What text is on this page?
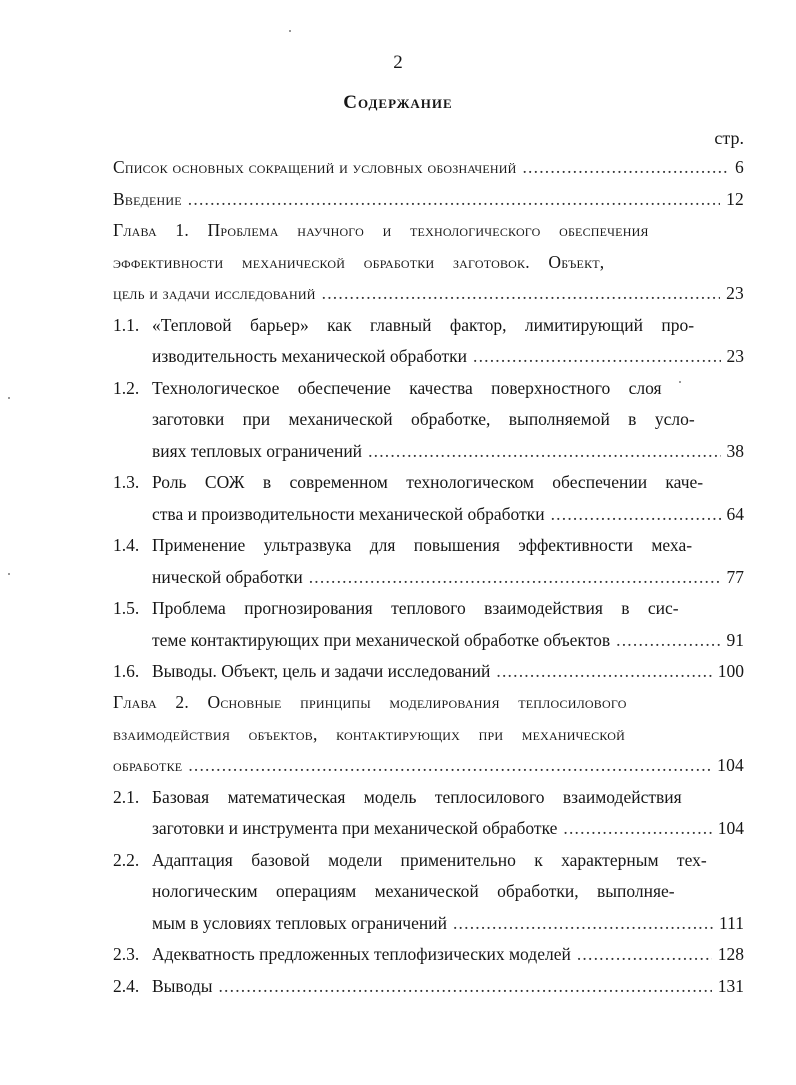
2
Содержание
стр.
Список основных сокращений и условных обозначений .....	6
Введение .....	12
Глава 1. Проблема научного и технологического обеспечения
эффективности механической обработки заготовок. Объект,
цель и задачи исследований .....	23
1.1. «Тепловой барьер» как главный фактор, лимитирующий про-
изводительность механической обработки .....	23
1.2. Технологическое обеспечение качества поверхностного слоя
заготовки при механической обработке, выполняемой в усло-
виях тепловых ограничений .....	38
1.3. Роль СОЖ в современном технологическом обеспечении каче-
ства и производительности механической обработки .....	64
1.4. Применение ультразвука для повышения эффективности меха-
нической обработки .....	77
1.5. Проблема прогнозирования теплового взаимодействия в сис-
теме контактирующих при механической обработке объектов .....	91
1.6. Выводы. Объект, цель и задачи исследований .....	100
Глава 2. Основные принципы моделирования теплосилового
взаимодействия объектов, контактирующих при механической
обработке .....	104
2.1. Базовая математическая модель теплосилового взаимодействия
заготовки и инструмента при механической обработке .....	104
2.2. Адаптация базовой модели применительно к характерным тех-
нологическим операциям механической обработки, выполняе-
мым в условиях тепловых ограничений .....	111
2.3. Адекватность предложенных теплофизических моделей .....	128
2.4. Выводы .....	131
